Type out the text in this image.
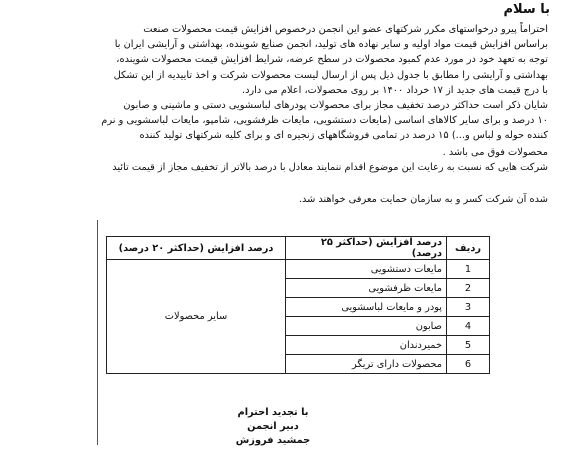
با سلام
احتراماً پیرو درخواستهای مکرر شرکتهای عضو این انجمن درخصوص افزایش قیمت محصولات صنعت
براساس افزایش قیمت مواد اولیه و سایر نهاده های تولید، انجمن صنایع شوینده، بهداشتی و آرایشی ایران با
توجه به تعهد خود در مورد عدم کمبود محصولات در سطح عرضه، شرایط افزایش قیمت محصولات شوینده،
بهداشتی و آرایشی را مطابق با جدول ذیل پس از ارسال لیست محصولات شرکت و اخذ تاییدیه از این تشکل
با درج قیمت های جدید از ۱۷ خرداد ۱۴۰۰ بر روی محصولات، اعلام می دارد.
شایان ذکر است حداکثر درصد تخفیف مجاز برای محصولات پودرهای لباسشویی دستی و ماشینی و صابون
۱۰ درصد و برای سایر کالاهای اساسی (مایعات دستشویی، مایعات ظرفشویی، شامپو، مایعات لباسشویی و نرم
کننده حوله و لباس و...) ۱۵ درصد در تمامی فروشگاههای زنجیره ای و برای کلیه شرکتهای تولید کننده
محصولات فوق می باشد .
شرکت هایی که نسبت به رعایت این موضوع اقدام ننمایند معادل با درصد بالاتر از تخفیف مجاز از قیمت تائید
شده آن شرکت کسر و به سازمان حمایت معرفی خواهند شد.
ردیف	درصد افزایش (حداکثر ۲۵ درصد)	درصد افزایش (حداکثر ۲۰ درصد)
1	مایعات دستشویی	سایر محصولات
2	مایعات ظرفشویی	
3	پودر و مایعات لباسشویی	
4	صابون	
5	خمیردندان	
6	محصولات دارای تریگر	
با تجدید احترام
دبیر انجمن
جمشید فروزش
